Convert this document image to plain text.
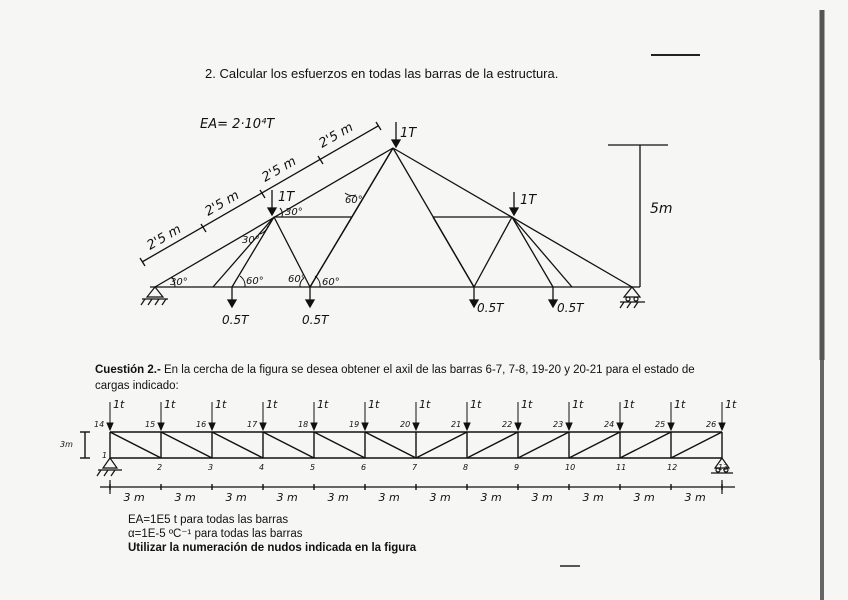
2. Calcular los esfuerzos en todas las barras de la estructura.
EA= 2·10⁴T
2'5 m
2'5 m
2'5 m
2'5 m	1T
1T	1T
5m
30°
30°
30°
60° 60° 60°
60°
0.5T	0.5T
0.5T	0.5T
Cuestión 2.- En la cercha de la figura se desea obtener el axil de las barras 6-7, 7-8, 19-20 y 20-21 para el estado de cargas indicado:
1t
14
1
3 m
1t
15
2
3 m
1t
16
3
3 m
1t
17
4
3 m
1t
18
5
3 m
1t
19
6
3 m
1t
20
7
3 m
1t
21
8
3 m
1t
22
9
3 m
1t
23
10
3 m
1t
24
11
3 m
1t
25
12
3 m
1t
26
13
3m
EA=1E5 t para todas las barras
α=1E-5 ºC⁻¹ para todas las barras
Utilizar la numeración de nudos indicada en la figura
